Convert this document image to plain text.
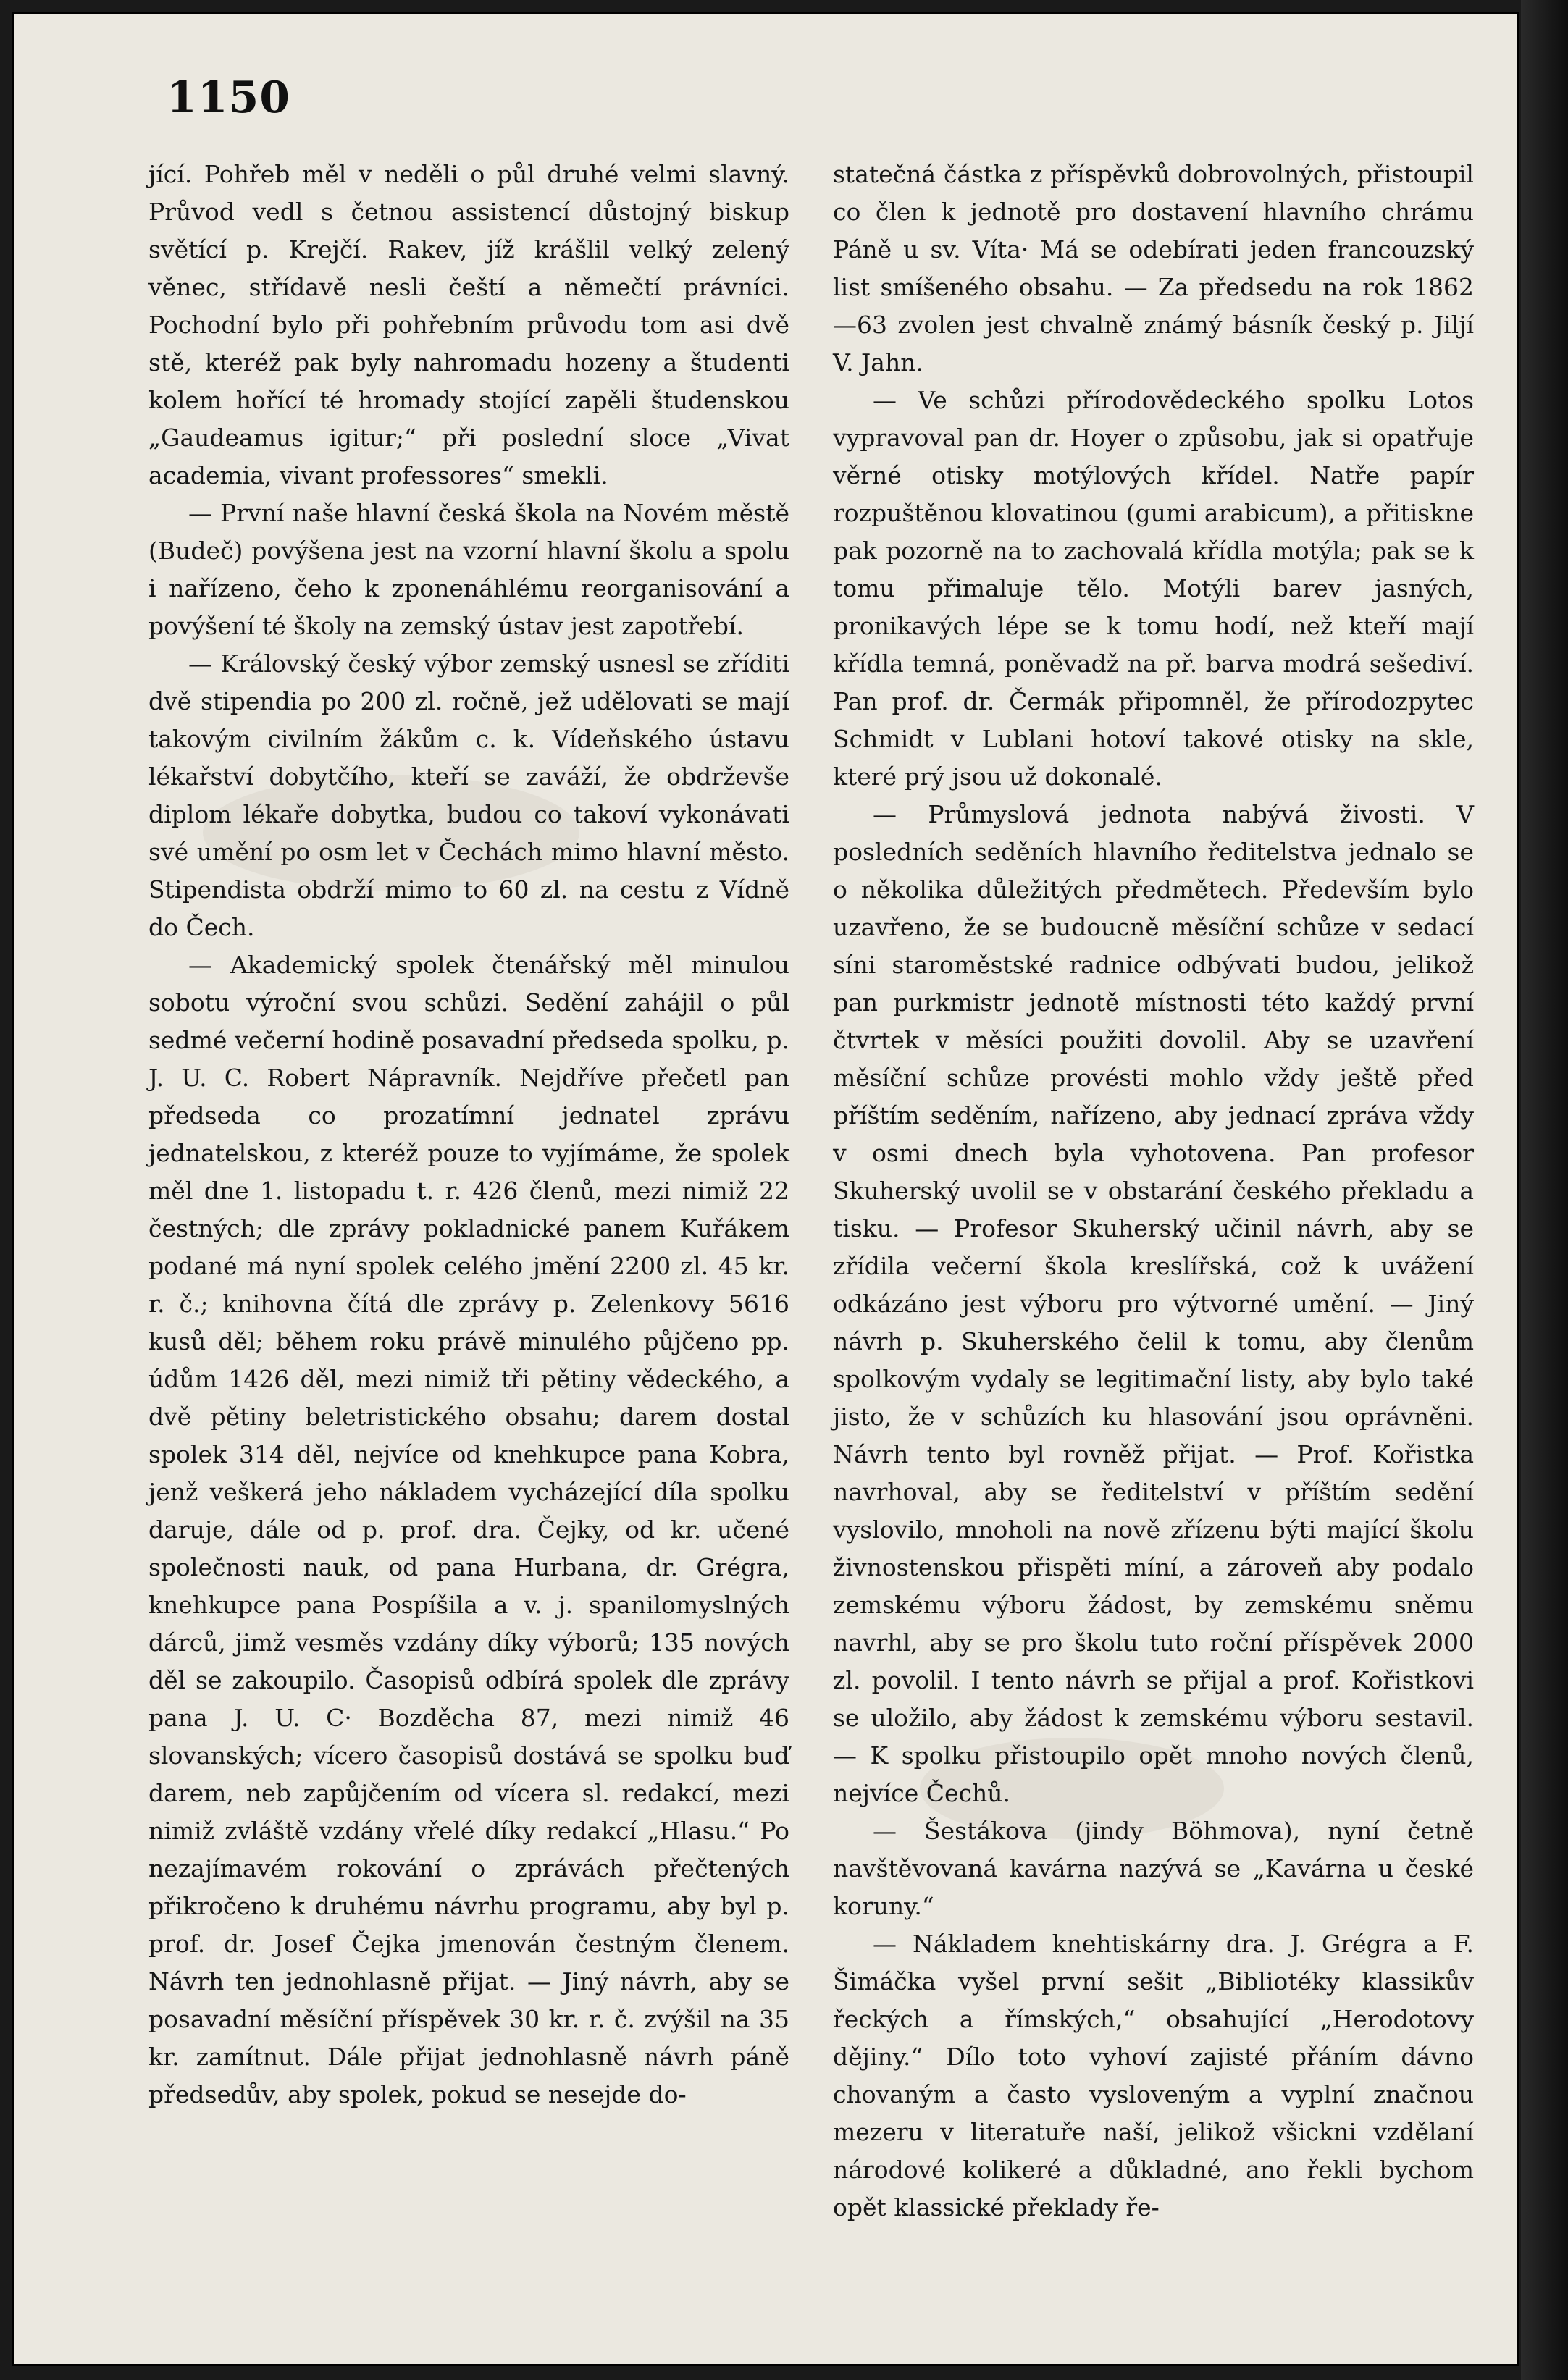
1150

jící. Pohřeb měl v neděli o půl druhé velmi slavný. Průvod vedl s četnou assistencí důstojný biskup světící p. Krejčí. Rakev, jíž krášlil velký zelený věnec, střídavě nesli čeští a němečtí právníci. Pochodní bylo při pohřebním průvodu tom asi dvě stě, kteréž pak byly nahromadu hozeny a študenti kolem hořící té hromady stojící zapěli študenskou „Gaudeamus igitur;“ při poslední sloce „Vivat academia, vivant professores“ smekli.

— První naše hlavní česká škola na Novém městě (Budeč) povýšena jest na vzorní hlavní školu a spolu i nařízeno, čeho k zponenáhlému reorganisování a povýšení té školy na zemský ústav jest zapotřebí.

— Královský český výbor zemský usnesl se zříditi dvě stipendia po 200 zl. ročně, jež udělovati se mají takovým civilním žákům c. k. Vídeňského ústavu lékařství dobytčího, kteří se zaváží, že obdrževše diplom lékaře dobytka, budou co takoví vykonávati své umění po osm let v Čechách mimo hlavní město. Stipendista obdrží mimo to 60 zl. na cestu z Vídně do Čech.

— Akademický spolek čtenářský měl minulou sobotu výroční svou schůzi. Sedění zahájil o půl sedmé večerní hodině posavadní předseda spolku, p. J. U. C. Robert Nápravník. Nejdříve přečetl pan předseda co prozatímní jednatel zprávu jednatelskou, z kteréž pouze to vyjímáme, že spolek měl dne 1. listopadu t. r. 426 členů, mezi nimiž 22 čestných; dle zprávy pokladnické panem Kuřákem podané má nyní spolek celého jmění 2200 zl. 45 kr. r. č.; knihovna čítá dle zprávy p. Zelenkovy 5616 kusů děl; během roku právě minulého půjčeno pp. údům 1426 děl, mezi nimiž tři pětiny vědeckého, a dvě pětiny beletristického obsahu; darem dostal spolek 314 děl, nejvíce od knehkupce pana Kobra, jenž veškerá jeho nákladem vycházející díla spolku daruje, dále od p. prof. dra. Čejky, od kr. učené společnosti nauk, od pana Hurbana, dr. Grégra, knehkupce pana Pospíšila a v. j. spanilomyslných dárců, jimž vesměs vzdány díky výborů; 135 nových děl se zakoupilo. Časopisů odbírá spolek dle zprávy pana J. U. C· Bozděcha 87, mezi nimiž 46 slovanských; vícero časopisů dostává se spolku buď darem, neb zapůjčením od vícera sl. redakcí, mezi nimiž zvláště vzdány vřelé díky redakcí „Hlasu.“ Po nezajímavém rokování o zprávách přečtených přikročeno k druhému návrhu programu, aby byl p. prof. dr. Josef Čejka jmenován čestným členem. Návrh ten jednohlasně přijat. — Jiný návrh, aby se posavadní měsíční příspěvek 30 kr. r. č. zvýšil na 35 kr. zamítnut. Dále přijat jednohlasně návrh páně předsedův, aby spolek, pokud se nesejde do-

statečná částka z příspěvků dobrovolných, přistoupil co člen k jednotě pro dostavení hlavního chrámu Páně u sv. Víta· Má se odebírati jeden francouzský list smíšeného obsahu. — Za předsedu na rok 1862—63 zvolen jest chvalně známý básník český p. Jiljí V. Jahn.

— Ve schůzi přírodovědeckého spolku Lotos vypravoval pan dr. Hoyer o způsobu, jak si opatřuje věrné otisky motýlových křídel. Natře papír rozpuštěnou klovatinou (gumi arabicum), a přitiskne pak pozorně na to zachovalá křídla motýla; pak se k tomu přimaluje tělo. Motýli barev jasných, pronikavých lépe se k tomu hodí, než kteří mají křídla temná, poněvadž na př. barva modrá sešediví. Pan prof. dr. Čermák připomněl, že přírodozpytec Schmidt v Lublani hotoví takové otisky na skle, které prý jsou už dokonalé.

— Průmyslová jednota nabývá živosti. V posledních seděních hlavního ředitelstva jednalo se o několika důležitých předmětech. Především bylo uzavřeno, že se budoucně měsíční schůze v sedací síni staroměstské radnice odbývati budou, jelikož pan purkmistr jednotě místnosti této každý první čtvrtek v měsíci použiti dovolil. Aby se uzavření měsíční schůze provésti mohlo vždy ještě před příštím seděním, nařízeno, aby jednací zpráva vždy v osmi dnech byla vyhotovena. Pan profesor Skuherský uvolil se v obstarání českého překladu a tisku. — Profesor Skuherský učinil návrh, aby se zřídila večerní škola kreslířská, což k uvážení odkázáno jest výboru pro výtvorné umění. — Jiný návrh p. Skuherského čelil k tomu, aby členům spolkovým vydaly se legitimační listy, aby bylo také jisto, že v schůzích ku hlasování jsou oprávněni. Návrh tento byl rovněž přijat. — Prof. Kořistka navrhoval, aby se ředitelství v příštím sedění vyslovilo, mnoholi na nově zřízenu býti mající školu živnostenskou přispěti míní, a zároveň aby podalo zemskému výboru žádost, by zemskému sněmu navrhl, aby se pro školu tuto roční příspěvek 2000 zl. povolil. I tento návrh se přijal a prof. Kořistkovi se uložilo, aby žádost k zemskému výboru sestavil. — K spolku přistoupilo opět mnoho nových členů, nejvíce Čechů.

— Šestákova (jindy Böhmova), nyní četně navštěvovaná kavárna nazývá se „Kavárna u české koruny.“

— Nákladem knehtiskárny dra. J. Grégra a F. Šimáčka vyšel první sešit „Bibliotéky klassikův řeckých a římských,“ obsahující „Herodotovy dějiny.“ Dílo toto vyhoví zajisté přáním dávno chovaným a často vysloveným a vyplní značnou mezeru v literatuře naší, jelikož všickni vzdělaní národové kolikeré a důkladné, ano řekli bychom opět klassické překlady ře-
